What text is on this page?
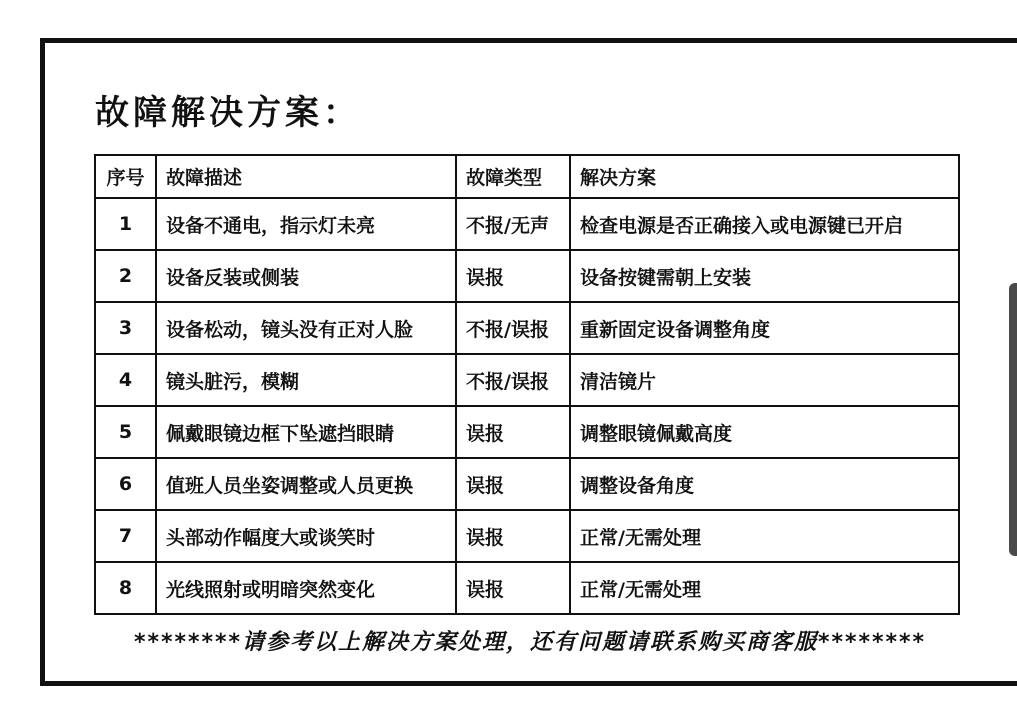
故障解决方案：
序号	故障描述	故障类型	解决方案
1	设备不通电，指示灯未亮	不报/无声	检查电源是否正确接入或电源键已开启
2	设备反装或侧装	误报	设备按键需朝上安装
3	设备松动，镜头没有正对人脸	不报/误报	重新固定设备调整角度
4	镜头脏污，模糊	不报/误报	清洁镜片
5	佩戴眼镜边框下坠遮挡眼睛	误报	调整眼镜佩戴高度
6	值班人员坐姿调整或人员更换	误报	调整设备角度
7	头部动作幅度大或谈笑时	误报	正常/无需处理
8	光线照射或明暗突然变化	误报	正常/无需处理
********请参考以上解决方案处理，还有问题请联系购买商客服********
